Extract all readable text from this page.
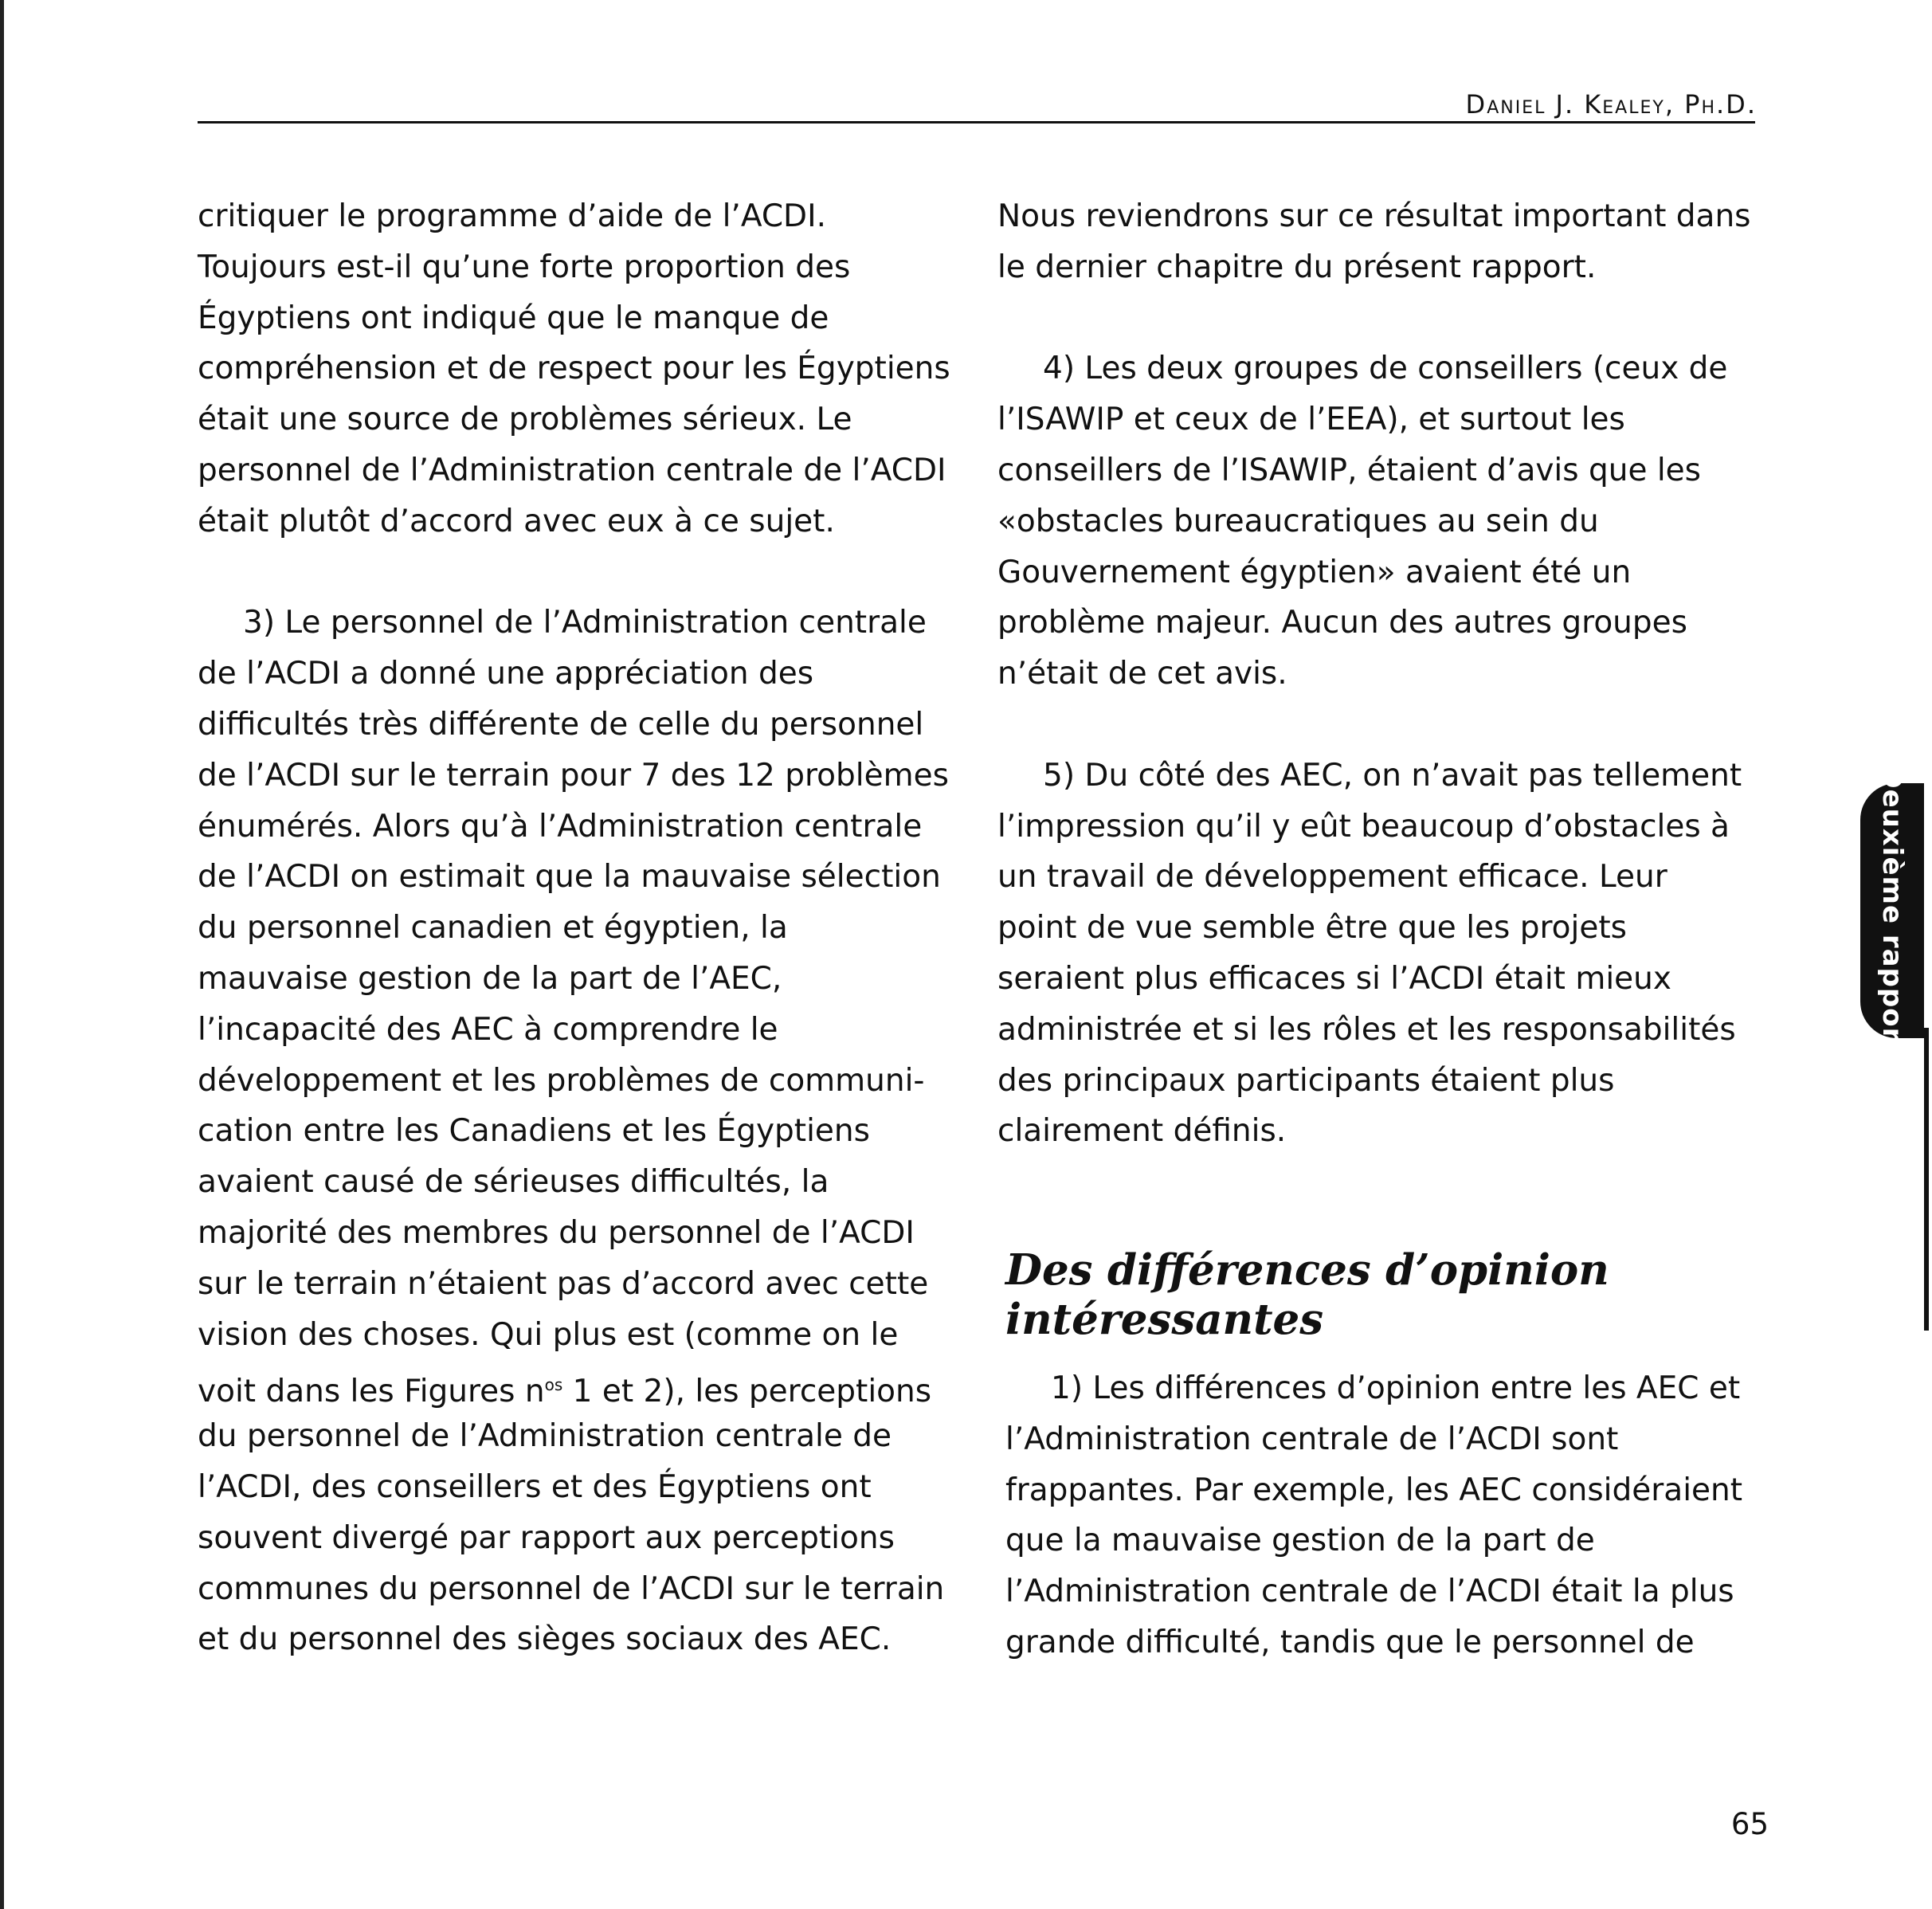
Daniel J. Kealey, Ph.D.
critiquer le programme d’aide de l’ACDI.
Toujours est-il qu’une forte proportion des
Égyptiens ont indiqué que le manque de
compréhension et de respect pour les Égyptiens
était une source de problèmes sérieux. Le
personnel de l’Administration centrale de l’ACDI
était plutôt d’accord avec eux à ce sujet.
3) Le personnel de l’Administration centrale
de l’ACDI a donné une appréciation des
difficultés très différente de celle du personnel
de l’ACDI sur le terrain pour 7 des 12 problèmes
énumérés. Alors qu’à l’Administration centrale
de l’ACDI on estimait que la mauvaise sélection
du personnel canadien et égyptien, la
mauvaise gestion de la part de l’AEC,
l’incapacité des AEC à comprendre le
développement et les problèmes de communi-
cation entre les Canadiens et les Égyptiens
avaient causé de sérieuses difficultés, la
majorité des membres du personnel de l’ACDI
sur le terrain n’étaient pas d’accord avec cette
vision des choses. Qui plus est (comme on le
voit dans les Figures $n^{os}$ 1 et 2), les perceptions
du personnel de l’Administration centrale de
l’ACDI, des conseillers et des Égyptiens ont
souvent divergé par rapport aux perceptions
communes du personnel de l’ACDI sur le terrain
et du personnel des sièges sociaux des AEC.
Nous reviendrons sur ce résultat important dans
le dernier chapitre du présent rapport.
4) Les deux groupes de conseillers (ceux de
l’ISAWIP et ceux de l’EEA), et surtout les
conseillers de l’ISAWIP, étaient d’avis que les
«obstacles bureaucratiques au sein du
Gouvernement égyptien» avaient été un
problème majeur. Aucun des autres groupes
n’était de cet avis.
5) Du côté des AEC, on n’avait pas tellement
l’impression qu’il y eût beaucoup d’obstacles à
un travail de développement efficace. Leur
point de vue semble être que les projets
seraient plus efficaces si l’ACDI était mieux
administrée et si les rôles et les responsabilités
des principaux participants étaient plus
clairement définis.
Des différences d’opinion
intéressantes
1) Les différences d’opinion entre les AEC et
l’Administration centrale de l’ACDI sont
frappantes. Par exemple, les AEC considéraient
que la mauvaise gestion de la part de
l’Administration centrale de l’ACDI était la plus
grande difficulté, tandis que le personnel de
Deuxième rapport
65
